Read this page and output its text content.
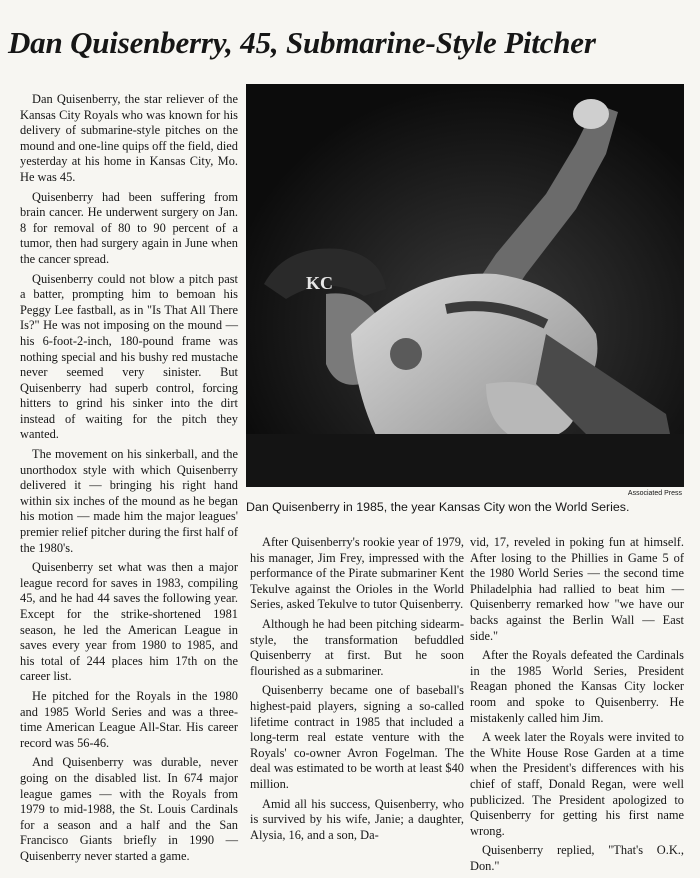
Dan Quisenberry, 45, Submarine-Style Pitcher

Dan Quisenberry, the star reliever of the Kansas City Royals who was known for his delivery of submarine-style pitches on the mound and one-line quips off the field, died yesterday at his home in Kansas City, Mo. He was 45.

Quisenberry had been suffering from brain cancer. He underwent surgery on Jan. 8 for removal of 80 to 90 percent of a tumor, then had surgery again in June when the cancer spread.

Quisenberry could not blow a pitch past a batter, prompting him to bemoan his Peggy Lee fastball, as in "Is That All There Is?" He was not imposing on the mound — his 6-foot-2-inch, 180-pound frame was nothing special and his bushy red mustache never seemed very sinister. But Quisenberry had superb control, forcing hitters to grind his sinker into the dirt instead of waiting for the pitch they wanted.

The movement on his sinkerball, and the unorthodox style with which Quisenberry delivered it — bringing his right hand within six inches of the mound as he began his motion — made him the major leagues' premier relief pitcher during the first half of the 1980's.

Quisenberry set what was then a major league record for saves in 1983, compiling 45, and he had 44 saves the following year. Except for the strike-shortened 1981 season, he led the American League in saves every year from 1980 to 1985, and his total of 244 places him 17th on the career list.

He pitched for the Royals in the 1980 and 1985 World Series and was a three-time American League All-Star. His career record was 56-46.

And Quisenberry was durable, never going on the disabled list. In 674 major league games — with the Royals from 1979 to mid-1988, the St. Louis Cardinals for a season and a half and the San Francisco Giants briefly in 1990 — Quisenberry never started a game.

KC

Associated Press

Dan Quisenberry in 1985, the year Kansas City won the World Series.

After Quisenberry's rookie year of 1979, his manager, Jim Frey, impressed with the performance of the Pirate submariner Kent Tekulve against the Orioles in the World Series, asked Tekulve to tutor Quisenberry.

Although he had been pitching sidearm-style, the transformation befuddled Quisenberry at first. But he soon flourished as a submariner.

Quisenberry became one of baseball's highest-paid players, signing a so-called lifetime contract in 1985 that included a long-term real estate venture with the Royals' co-owner Avron Fogelman. The deal was estimated to be worth at least $40 million.

Amid all his success, Quisenberry, who is survived by his wife, Janie; a daughter, Alysia, 16, and a son, Da-

vid, 17, reveled in poking fun at himself. After losing to the Phillies in Game 5 of the 1980 World Series — the second time Philadelphia had rallied to beat him — Quisenberry remarked how "we have our backs against the Berlin Wall — East side."

After the Royals defeated the Cardinals in the 1985 World Series, President Reagan phoned the Kansas City locker room and spoke to Quisenberry. He mistakenly called him Jim.

A week later the Royals were invited to the White House Rose Garden at a time when the President's differences with his chief of staff, Donald Regan, were well publicized. The President apologized to Quisenberry for getting his first name wrong.

Quisenberry replied, "That's O.K., Don."
